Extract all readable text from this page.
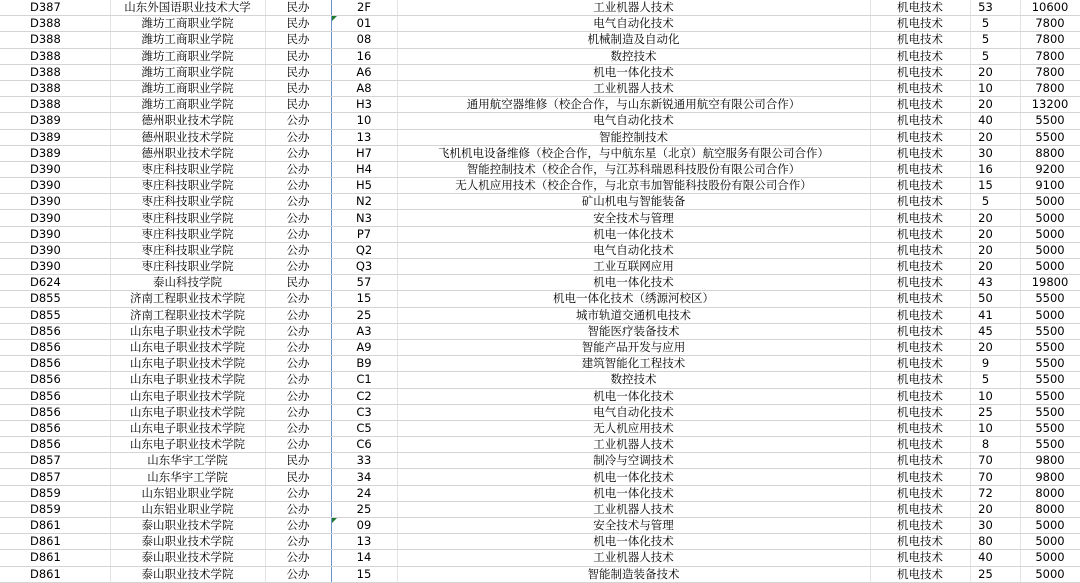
D387	山东外国语职业技术大学	民办	2F	工业机器人技术	机电技术	53	10600
D388	潍坊工商职业学院	民办	01	电气自动化技术	机电技术	5	7800
D388	潍坊工商职业学院	民办	08	机械制造及自动化	机电技术	5	7800
D388	潍坊工商职业学院	民办	16	数控技术	机电技术	5	7800
D388	潍坊工商职业学院	民办	A6	机电一体化技术	机电技术	20	7800
D388	潍坊工商职业学院	民办	A8	工业机器人技术	机电技术	10	7800
D388	潍坊工商职业学院	民办	H3	通用航空器维修（校企合作，与山东新锐通用航空有限公司合作）	机电技术	20	13200
D389	德州职业技术学院	公办	10	电气自动化技术	机电技术	40	5500
D389	德州职业技术学院	公办	13	智能控制技术	机电技术	20	5500
D389	德州职业技术学院	公办	H7	飞机机电设备维修（校企合作，与中航东星（北京）航空服务有限公司合作）	机电技术	30	8800
D390	枣庄科技职业学院	公办	H4	智能控制技术（校企合作，与江苏科瑞恩科技股份有限公司合作）	机电技术	16	9200
D390	枣庄科技职业学院	公办	H5	无人机应用技术（校企合作，与北京韦加智能科技股份有限公司合作）	机电技术	15	9100
D390	枣庄科技职业学院	公办	N2	矿山机电与智能装备	机电技术	5	5000
D390	枣庄科技职业学院	公办	N3	安全技术与管理	机电技术	20	5000
D390	枣庄科技职业学院	公办	P7	机电一体化技术	机电技术	20	5000
D390	枣庄科技职业学院	公办	Q2	电气自动化技术	机电技术	20	5000
D390	枣庄科技职业学院	公办	Q3	工业互联网应用	机电技术	20	5000
D624	泰山科技学院	民办	57	机电一体化技术	机电技术	43	19800
D855	济南工程职业技术学院	公办	15	机电一体化技术（绣源河校区）	机电技术	50	5500
D855	济南工程职业技术学院	公办	25	城市轨道交通机电技术	机电技术	41	5000
D856	山东电子职业技术学院	公办	A3	智能医疗装备技术	机电技术	45	5500
D856	山东电子职业技术学院	公办	A9	智能产品开发与应用	机电技术	20	5500
D856	山东电子职业技术学院	公办	B9	建筑智能化工程技术	机电技术	9	5500
D856	山东电子职业技术学院	公办	C1	数控技术	机电技术	5	5500
D856	山东电子职业技术学院	公办	C2	机电一体化技术	机电技术	10	5500
D856	山东电子职业技术学院	公办	C3	电气自动化技术	机电技术	25	5500
D856	山东电子职业技术学院	公办	C5	无人机应用技术	机电技术	10	5500
D856	山东电子职业技术学院	公办	C6	工业机器人技术	机电技术	8	5500
D857	山东华宇工学院	民办	33	制冷与空调技术	机电技术	70	9800
D857	山东华宇工学院	民办	34	机电一体化技术	机电技术	70	9800
D859	山东铝业职业学院	公办	24	机电一体化技术	机电技术	72	8000
D859	山东铝业职业学院	公办	25	工业机器人技术	机电技术	20	8000
D861	泰山职业技术学院	公办	09	安全技术与管理	机电技术	30	5000
D861	泰山职业技术学院	公办	13	机电一体化技术	机电技术	80	5000
D861	泰山职业技术学院	公办	14	工业机器人技术	机电技术	40	5000
D861	泰山职业技术学院	公办	15	智能制造装备技术	机电技术	25	5000
